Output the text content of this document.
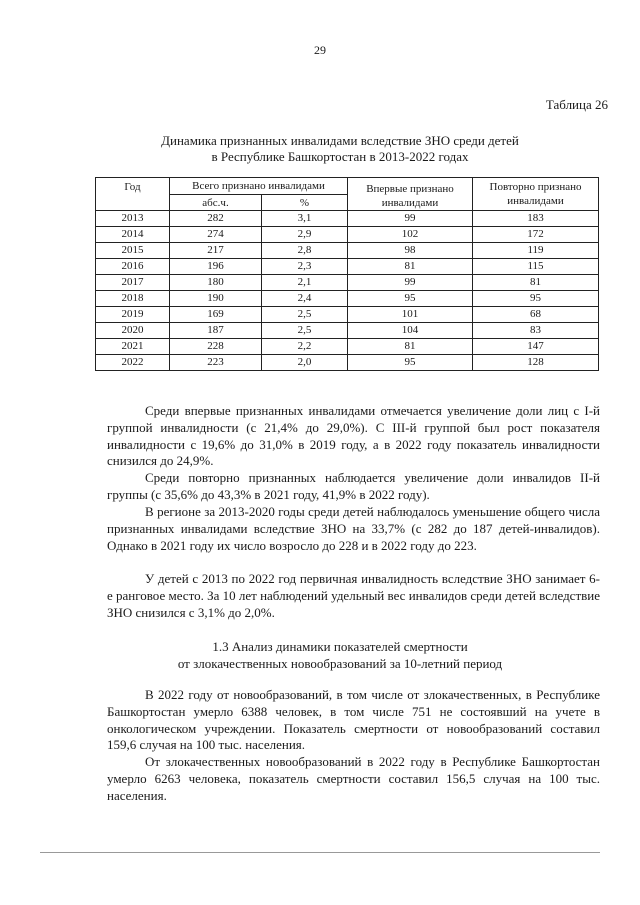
29
Таблица 26
Динамика признанных инвалидами вследствие ЗНО среди детей
в Республике Башкортостан в 2013-2022 годах
Год	Всего признано инвалидами		Впервые признано инвалидами	Повторно признано инвалидами
	абс.ч.	%		
2013	282	3,1	99	183
2014	274	2,9	102	172
2015	217	2,8	98	119
2016	196	2,3	81	115
2017	180	2,1	99	81
2018	190	2,4	95	95
2019	169	2,5	101	68
2020	187	2,5	104	83
2021	228	2,2	81	147
2022	223	2,0	95	128

Среди впервые признанных инвалидами отмечается увеличение доли лиц с I-й группой инвалидности (с 21,4% до 29,0%). С III-й группой был рост показателя инвалидности с 19,6% до 31,0% в 2019 году, а в 2022 году показатель инвалидности снизился до 24,9%.

Среди повторно признанных наблюдается увеличение доли инвалидов II-й группы (с 35,6% до 43,3% в 2021 году, 41,9% в 2022 году).

В регионе за 2013-2020 годы среди детей наблюдалось уменьшение общего числа признанных инвалидами вследствие ЗНО на 33,7% (с 282 до 187 детей-инвалидов). Однако в 2021 году их число возросло до 228 и в 2022 году до 223.

У детей с 2013 по 2022 год первичная инвалидность вследствие ЗНО занимает 6-е ранговое место. За 10 лет наблюдений удельный вес инвалидов среди детей вследствие ЗНО снизился с 3,1% до 2,0%.

1.3 Анализ динамики показателей смертности
от злокачественных новообразований за 10-летний период

В 2022 году от новообразований, в том числе от злокачественных, в Республике Башкортостан умерло 6388 человек, в том числе 751 не состоявший на учете в онкологическом учреждении. Показатель смертности от новообразований составил 159,6 случая на 100 тыс. населения.

От злокачественных новообразований в 2022 году в Республике Башкортостан умерло 6263 человека, показатель смертности составил 156,5 случая на 100 тыс. населения.
